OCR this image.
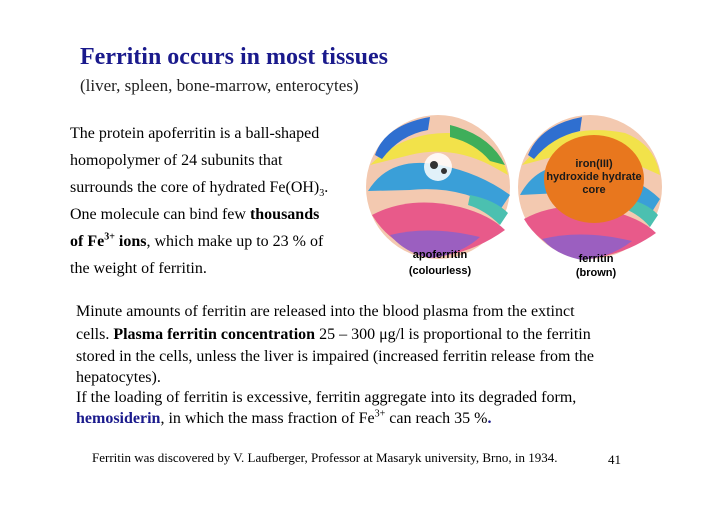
Ferritin occurs in most tissues
(liver, spleen, bone-marrow, enterocytes)
The protein apoferritin is a ball-shaped
homopolymer of 24 subunits that
surrounds the core of hydrated $Fe(OH)_3$.
One molecule can bind few thousands
of $Fe^{3+}$ ions, which make up to 23 % of
the weight of ferritin.
iron(III)
hydroxide hydrate
core
apoferritin
(colourless)
ferritin
(brown)
Minute amounts of ferritin are released into the blood plasma from the extinct
cells. Plasma ferritin concentration 25 – 300 μg/l is proportional to the ferritin
stored in the cells, unless the liver is impaired (increased ferritin release from the
hepatocytes).
If the loading of ferritin is excessive, ferritin aggregate into its degraded form,
hemosiderin, in which the mass fraction of $Fe^{3+}$ can reach 35 %.
Ferritin was discovered by V. Laufberger, Professor at Masaryk university, Brno, in 1934.	41
